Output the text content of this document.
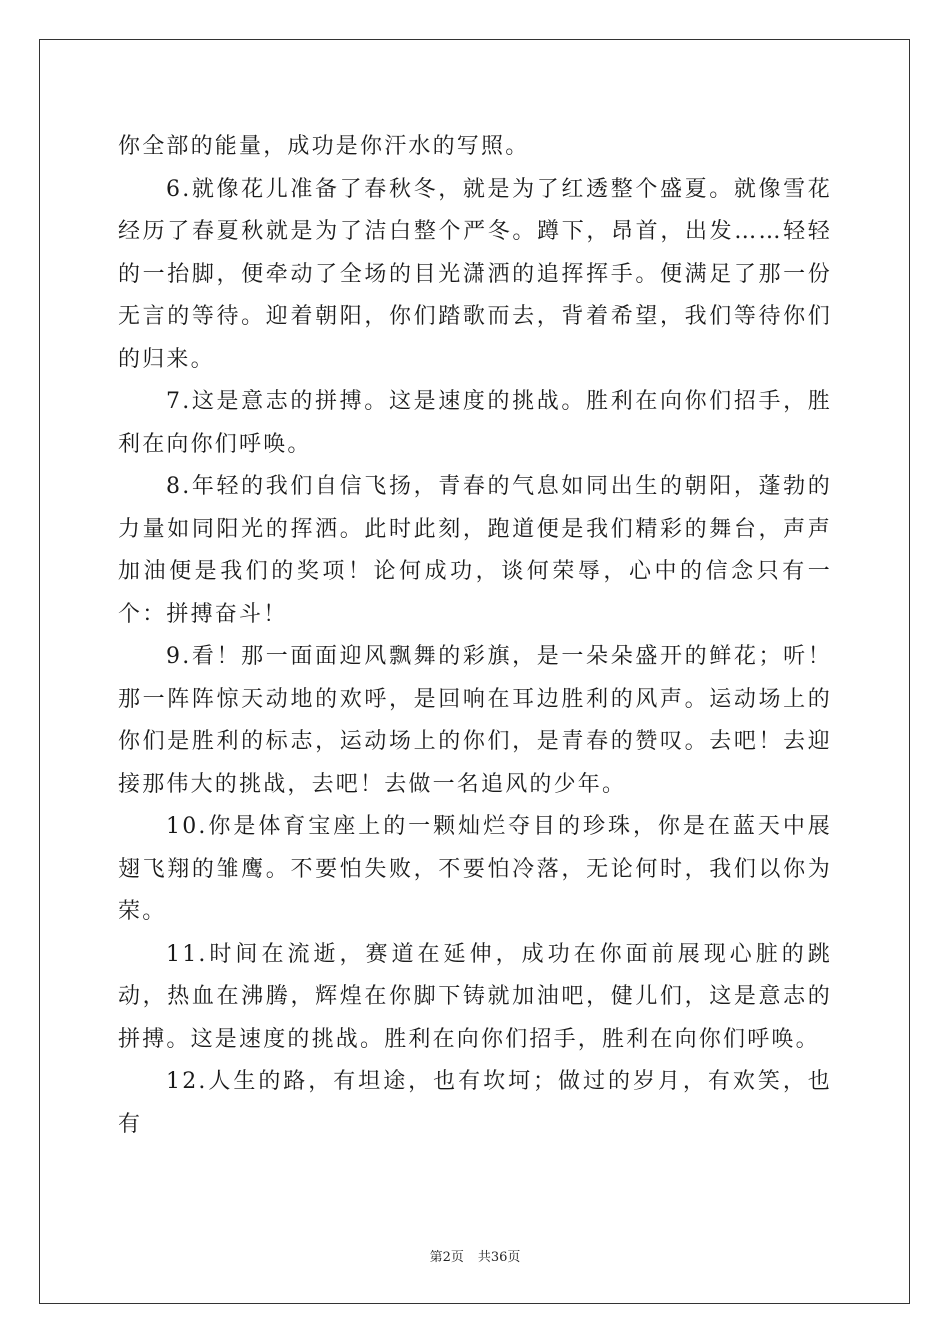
你全部的能量，成功是你汗水的写照。

6.就像花儿准备了春秋冬，就是为了红透整个盛夏。就像雪花经历了春夏秋就是为了洁白整个严冬。蹲下，昂首，出发……轻轻的一抬脚，便牵动了全场的目光潇洒的追挥挥手。便满足了那一份无言的等待。迎着朝阳，你们踏歌而去，背着希望，我们等待你们的归来。

7.这是意志的拼搏。这是速度的挑战。胜利在向你们招手，胜利在向你们呼唤。

8.年轻的我们自信飞扬，青春的气息如同出生的朝阳，蓬勃的力量如同阳光的挥洒。此时此刻，跑道便是我们精彩的舞台，声声加油便是我们的奖项！论何成功，谈何荣辱，心中的信念只有一个：拼搏奋斗！

9.看！那一面面迎风飘舞的彩旗，是一朵朵盛开的鲜花；听！那一阵阵惊天动地的欢呼，是回响在耳边胜利的风声。运动场上的你们是胜利的标志，运动场上的你们，是青春的赞叹。去吧！去迎接那伟大的挑战，去吧！去做一名追风的少年。

10.你是体育宝座上的一颗灿烂夺目的珍珠，你是在蓝天中展翅飞翔的雏鹰。不要怕失败，不要怕冷落，无论何时，我们以你为荣。

11.时间在流逝，赛道在延伸，成功在你面前展现心脏的跳动，热血在沸腾，辉煌在你脚下铸就加油吧，健儿们，这是意志的拼搏。这是速度的挑战。胜利在向你们招手，胜利在向你们呼唤。

12.人生的路，有坦途，也有坎坷；做过的岁月，有欢笑，也有

第2页 共36页
